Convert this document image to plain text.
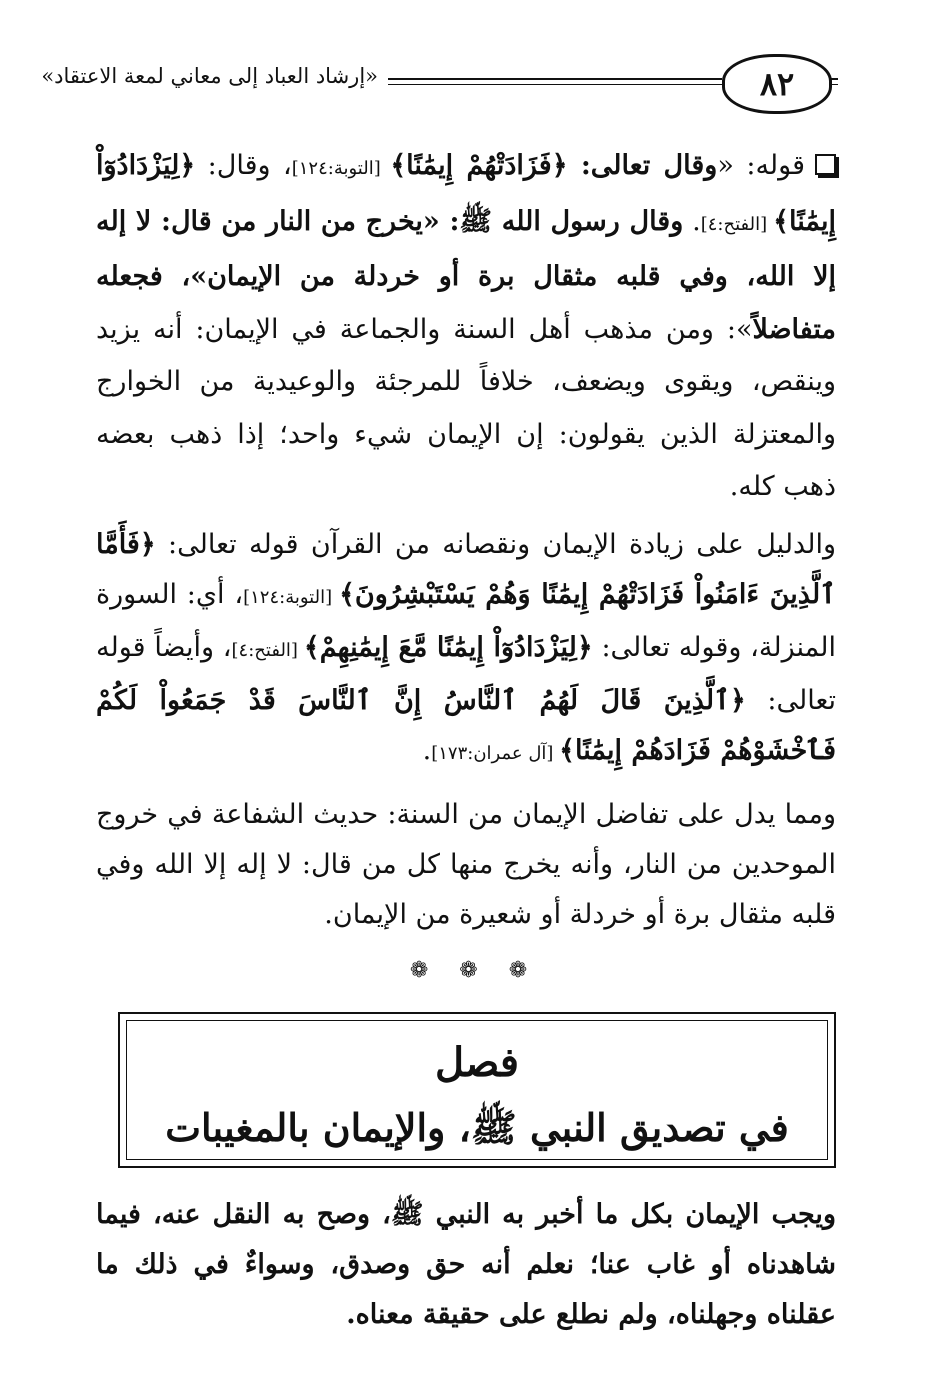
٨٢
«إرشاد العباد إلى معاني لمعة الاعتقاد»

قوله: «وقال تعالى: ﴿فَزَادَتْهُمْ إِيمَٰنًا﴾ [التوبة:١٢٤]، وقال: ﴿لِيَزْدَادُوٓاْ إِيمَٰنًا﴾ [الفتح:٤]. وقال رسول الله ﷺ: «يخرج من النار من قال: لا إله إلا الله، وفي قلبه مثقال برة أو خردلة من الإيمان»، فجعله متفاضلاً»: ومن مذهب أهل السنة والجماعة في الإيمان: أنه يزيد وينقص، ويقوى ويضعف، خلافاً للمرجئة والوعيدية من الخوارج والمعتزلة الذين يقولون: إن الإيمان شيء واحد؛ إذا ذهب بعضه ذهب كله.

والدليل على زيادة الإيمان ونقصانه من القرآن قوله تعالى: ﴿فَأَمَّا ٱلَّذِينَ ءَامَنُواْ فَزَادَتْهُمْ إِيمَٰنًا وَهُمْ يَسْتَبْشِرُونَ﴾ [التوبة:١٢٤]، أي: السورة المنزلة، وقوله تعالى: ﴿لِيَزْدَادُوٓاْ إِيمَٰنًا مَّعَ إِيمَٰنِهِمْ﴾ [الفتح:٤]، وأيضاً قوله تعالى: ﴿ٱلَّذِينَ قَالَ لَهُمُ ٱلنَّاسُ إِنَّ ٱلنَّاسَ قَدْ جَمَعُواْ لَكُمْ فَٱخْشَوْهُمْ فَزَادَهُمْ إِيمَٰنًا﴾ [آل عمران:١٧٣].

ومما يدل على تفاضل الإيمان من السنة: حديث الشفاعة في خروج الموحدين من النار، وأنه يخرج منها كل من قال: لا إله إلا الله وفي قلبه مثقال برة أو خردلة أو شعيرة من الإيمان.

❁ ❁ ❁
فصل
في تصديق النبي ﷺ، والإيمان بالمغيبات

ويجب الإيمان بكل ما أخبر به النبي ﷺ، وصح به النقل عنه، فيما شاهدناه أو غاب عنا؛ نعلم أنه حق وصدق، وسواءٌ في ذلك ما عقلناه وجهلناه، ولم نطلع على حقيقة معناه.
